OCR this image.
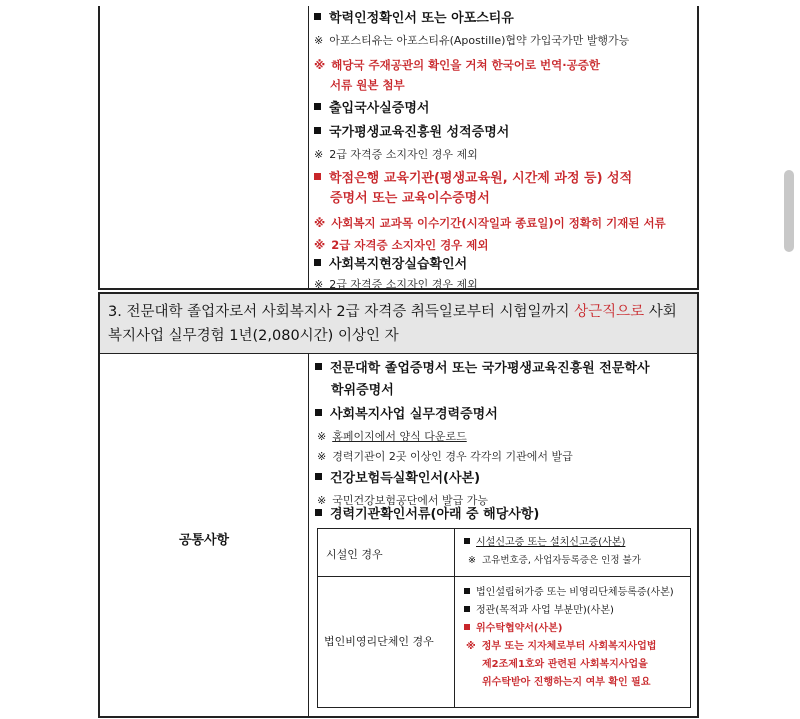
학력인정확인서 또는 아포스티유
※ 아포스티유는 아포스티유(Apostille)협약 가입국가만 발행가능
※ 해당국 주재공관의 확인을 거쳐 한국어로 번역·공증한
서류 원본 첨부
출입국사실증명서
국가평생교육진흥원 성적증명서
※ 2급 자격증 소지자인 경우 제외
학점은행 교육기관(평생교육원, 시간제 과정 등) 성적
증명서 또는 교육이수증명서
※ 사회복지 교과목 이수기간(시작일과 종료일)이 정확히 기재된 서류
※ 2급 자격증 소지자인 경우 제외
사회복지현장실습확인서
※ 2급 자격증 소지자인 경우 제외
3. 전문대학 졸업자로서 사회복지사 2급 자격증 취득일로부터 시험일까지 상근직으로 사회복지사업 실무경험 1년(2,080시간) 이상인 자
공통사항
전문대학 졸업증명서 또는 국가평생교육진흥원 전문학사
학위증명서
사회복지사업 실무경력증명서
※ 홈페이지에서 양식 다운로드
※ 경력기관이 2곳 이상인 경우 각각의 기관에서 발급
건강보험득실확인서(사본)
※ 국민건강보험공단에서 발급 가능
경력기관확인서류(아래 중 해당사항)
시설인 경우
시설신고증 또는 설치신고증(사본)
※ 고유번호증, 사업자등록증은 인정 불가
법인비영리단체인 경우
법인설립허가증 또는 비영리단체등록증(사본)
정관(목적과 사업 부분만)(사본)
위수탁협약서(사본)
※ 정부 또는 지자체로부터 사회복지사업법
제2조제1호와 관련된 사회복지사업을
위수탁받아 진행하는지 여부 확인 필요
